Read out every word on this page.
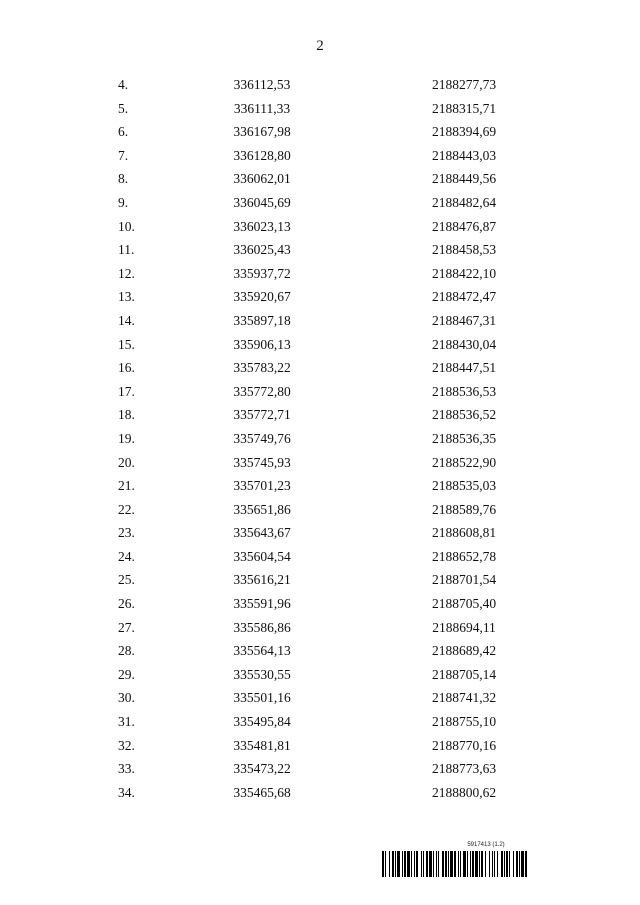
2
4.	336112,53	2188277,73
5.	336111,33	2188315,71
6.	336167,98	2188394,69
7.	336128,80	2188443,03
8.	336062,01	2188449,56
9.	336045,69	2188482,64
10.	336023,13	2188476,87
11.	336025,43	2188458,53
12.	335937,72	2188422,10
13.	335920,67	2188472,47
14.	335897,18	2188467,31
15.	335906,13	2188430,04
16.	335783,22	2188447,51
17.	335772,80	2188536,53
18.	335772,71	2188536,52
19.	335749,76	2188536,35
20.	335745,93	2188522,90
21.	335701,23	2188535,03
22.	335651,86	2188589,76
23.	335643,67	2188608,81
24.	335604,54	2188652,78
25.	335616,21	2188701,54
26.	335591,96	2188705,40
27.	335586,86	2188694,11
28.	335564,13	2188689,42
29.	335530,55	2188705,14
30.	335501,16	2188741,32
31.	335495,84	2188755,10
32.	335481,81	2188770,16
33.	335473,22	2188773,63
34.	335465,68	2188800,62
5917413 (1.2)
